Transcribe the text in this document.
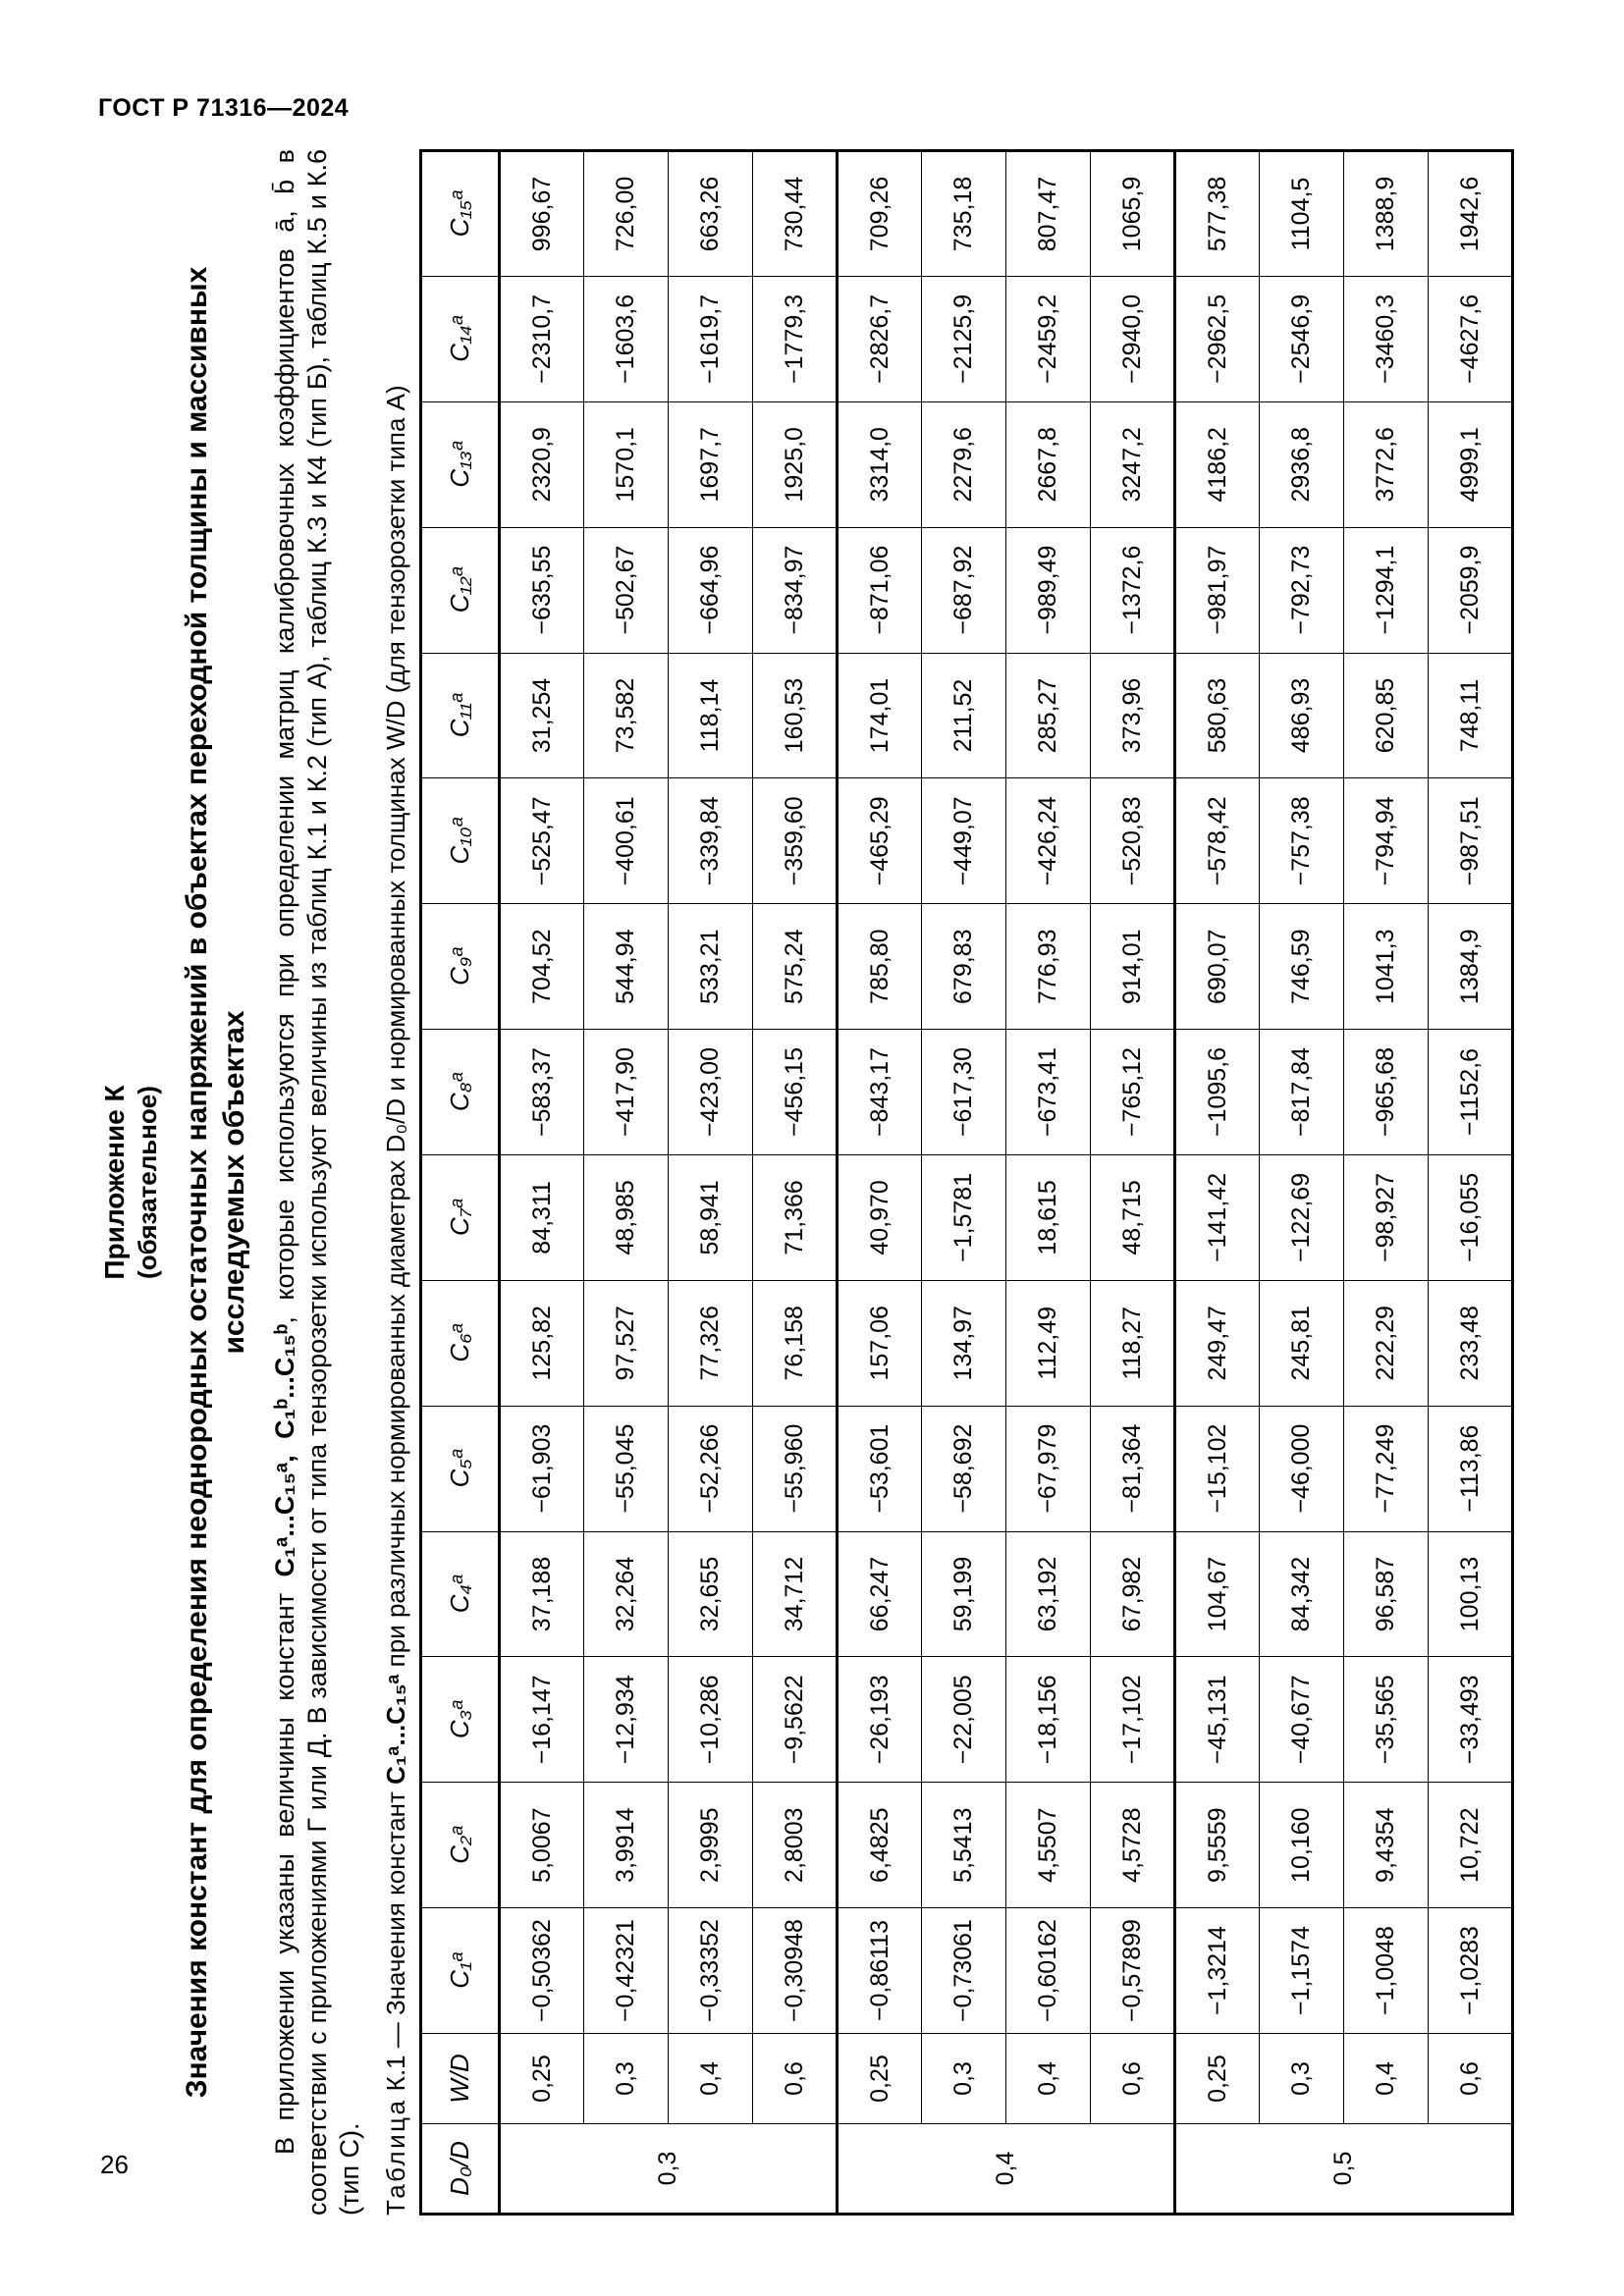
ГОСТ Р 71316—2024
26
Приложение К (обязательное) Значения констант для определения неоднородных остаточных напряжений в объектах переходной толщины и массивных исследуемых объектах

В приложении указаны величины констант C₁ᵃ...C₁₅ᵃ, C₁ᵇ...C₁₅ᵇ, которые используются при определении матриц калибровочных коэффициентов а̄, b̄ в соответствии с приложениями Г или Д. В зависимости от типа тензорозетки используют величины из таблиц К.1 и К.2 (тип А), таблиц К.3 и К4 (тип Б), таблиц К.5 и К.6 (тип С). Таблица К.1 — Значения констант C₁ᵃ...C₁₅ᵃ при различных нормированных диаметрах D₀/D и нормированных толщинах W/D (для тензорозетки типа А)

D₀/D	W/D	C₁ᵃ	C₂ᵃ	C₃ᵃ	C₄ᵃ	C₅ᵃ	C₆ᵃ	C₇ᵃ	C₈ᵃ	C₉ᵃ	C₁₀ᵃ	C₁₁ᵃ	C₁₂ᵃ	C₁₃ᵃ	C₁₄ᵃ	C₁₅ᵃ
0,3	0,25	−0,50362	5,0067	−16,147	37,188	−61,903	125,82	84,311	−583,37	704,52	−525,47	31,254	−635,55	2320,9	−2310,7	996,67
	0,3	−0,42321	3,9914	−12,934	32,264	−55,045	97,527	48,985	−417,90	544,94	−400,61	73,582	−502,67	1570,1	−1603,6	726,00
	0,4	−0,33352	2,9995	−10,286	32,655	−52,266	77,326	58,941	−423,00	533,21	−339,84	118,14	−664,96	1697,7	−1619,7	663,26
	0,6	−0,30948	2,8003	−9,5622	34,712	−55,960	76,158	71,366	−456,15	575,24	−359,60	160,53	−834,97	1925,0	−1779,3	730,44
0,4	0,25	−0,86113	6,4825	−26,193	66,247	−53,601	157,06	40,970	−843,17	785,80	−465,29	174,01	−871,06	3314,0	−2826,7	709,26
	0,3	−0,73061	5,5413	−22,005	59,199	−58,692	134,97	−1,5781	−617,30	679,83	−449,07	211,52	−687,92	2279,6	−2125,9	735,18
	0,4	−0,60162	4,5507	−18,156	63,192	−67,979	112,49	18,615	−673,41	776,93	−426,24	285,27	−989,49	2667,8	−2459,2	807,47
	0,6	−0,57899	4,5728	−17,102	67,982	−81,364	118,27	48,715	−765,12	914,01	−520,83	373,96	−1372,6	3247,2	−2940,0	1065,9
0,5	0,25	−1,3214	9,5559	−45,131	104,67	−15,102	249,47	−141,42	−1095,6	690,07	−578,42	580,63	−981,97	4186,2	−2962,5	577,38
	0,3	−1,1574	10,160	−40,677	84,342	−46,000	245,81	−122,69	−817,84	746,59	−757,38	486,93	−792,73	2936,8	−2546,9	1104,5
	0,4	−1,0048	9,4354	−35,565	96,587	−77,249	222,29	−98,927	−965,68	1041,3	−794,94	620,85	−1294,1	3772,6	−3460,3	1388,9
	0,6	−1,0283	10,722	−33,493	100,13	−113,86	233,48	−16,055	−1152,6	1384,9	−987,51	748,11	−2059,9	4999,1	−4627,6	1942,6
